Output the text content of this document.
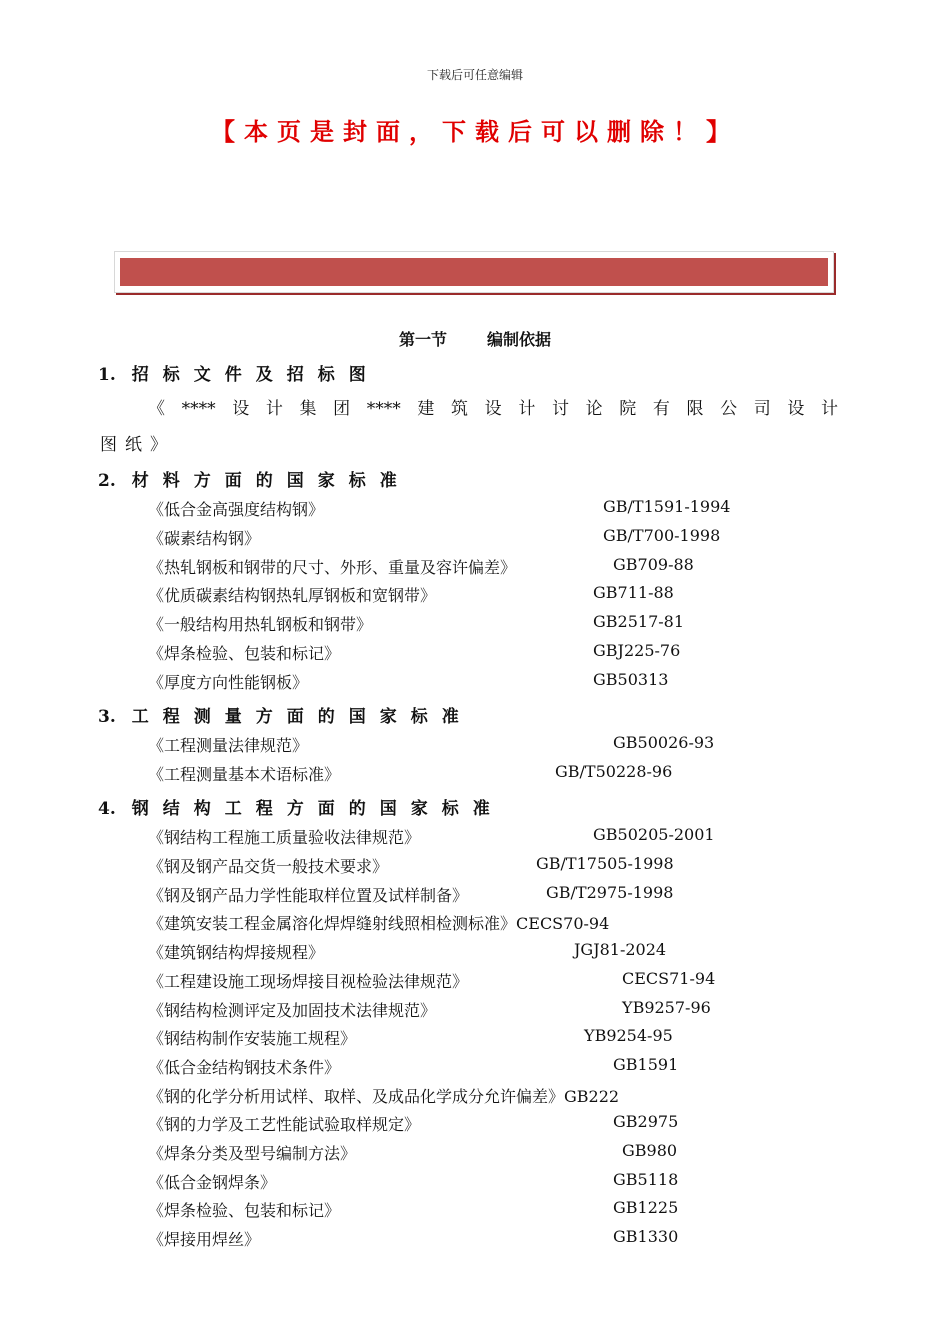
下载后可任意编辑
【本页是封面，下载后可以删除！】
第一节	编制依据
1. 招标文件及招标图
《****设计集团****建筑设计讨论院有限公司设计
图纸》
2. 材料方面的国家标准
《低合金高强度结构钢》	GB/T1591-1994
《碳素结构钢》	GB/T700-1998
《热轧钢板和钢带的尺寸、外形、重量及容许偏差》	GB709-88
《优质碳素结构钢热轧厚钢板和宽钢带》	GB711-88
《一般结构用热轧钢板和钢带》	GB2517-81
《焊条检验、包装和标记》	GBJ225-76
《厚度方向性能钢板》	GB50313
3. 工程测量方面的国家标准
《工程测量法律规范》	GB50026-93
《工程测量基本术语标准》	GB/T50228-96
4. 钢结构工程方面的国家标准
《钢结构工程施工质量验收法律规范》	GB50205-2001
《钢及钢产品交货一般技术要求》	GB/T17505-1998
《钢及钢产品力学性能取样位置及试样制备》	GB/T2975-1998
《建筑安装工程金属溶化焊焊缝射线照相检测标准》CECS70-94
《建筑钢结构焊接规程》	JGJ81-2024
《工程建设施工现场焊接目视检验法律规范》	CECS71-94
《钢结构检测评定及加固技术法律规范》	YB9257-96
《钢结构制作安装施工规程》	YB9254-95
《低合金结构钢技术条件》	GB1591
《钢的化学分析用试样、取样、及成品化学成分允许偏差》GB222
《钢的力学及工艺性能试验取样规定》	GB2975
《焊条分类及型号编制方法》	GB980
《低合金钢焊条》	GB5118
《焊条检验、包装和标记》	GB1225
《焊接用焊丝》	GB1330
